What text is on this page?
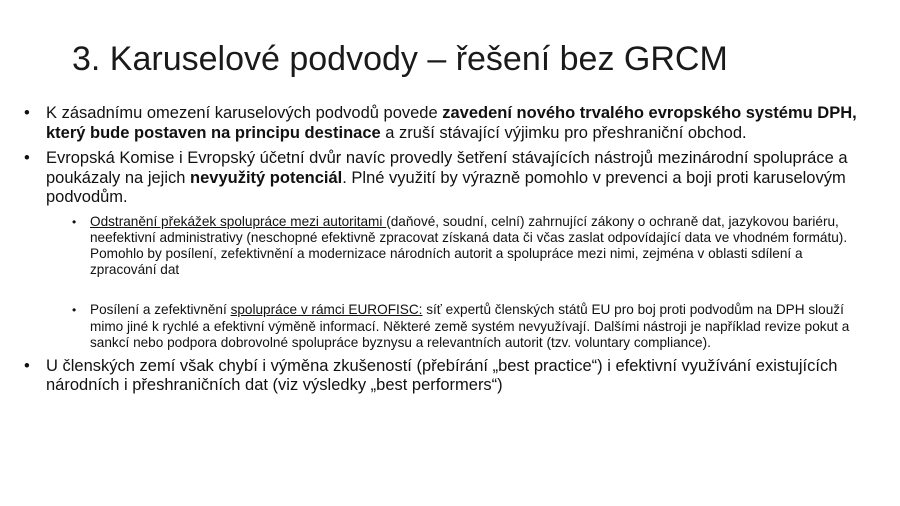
3. Karuselové podvody – řešení bez GRCM
• K zásadnímu omezení karuselových podvodů povede zavedení nového trvalého evropského systému DPH, který bude postaven na principu destinace a zruší stávající výjimku pro přeshraniční obchod.
• Evropská Komise i Evropský účetní dvůr navíc provedly šetření stávajících nástrojů mezinárodní spolupráce a poukázaly na jejich nevyužitý potenciál. Plné využití by výrazně pomohlo v prevenci a boji proti karuselovým podvodům.
• Odstranění překážek spolupráce mezi autoritami (daňové, soudní, celní) zahrnující zákony o ochraně dat, jazykovou bariéru, neefektivní administrativy (neschopné efektivně zpracovat získaná data či včas zaslat odpovídající data ve vhodném formátu). Pomohlo by posílení, zefektivnění a modernizace národních autorit a spolupráce mezi nimi, zejména v oblasti sdílení a zpracování dat
• Posílení a zefektivnění spolupráce v rámci EUROFISC: síť expertů členských států EU pro boj proti podvodům na DPH slouží mimo jiné k rychlé a efektivní výměně informací. Některé země systém nevyužívají. Dalšími nástroji je například revize pokut a sankcí nebo podpora dobrovolné spolupráce byznysu a relevantních autorit (tzv. voluntary compliance).
• U členských zemí však chybí i výměna zkušeností (přebírání „best practice“) i efektivní využívání existujících národních i přeshraničních dat (viz výsledky „best performers“)
